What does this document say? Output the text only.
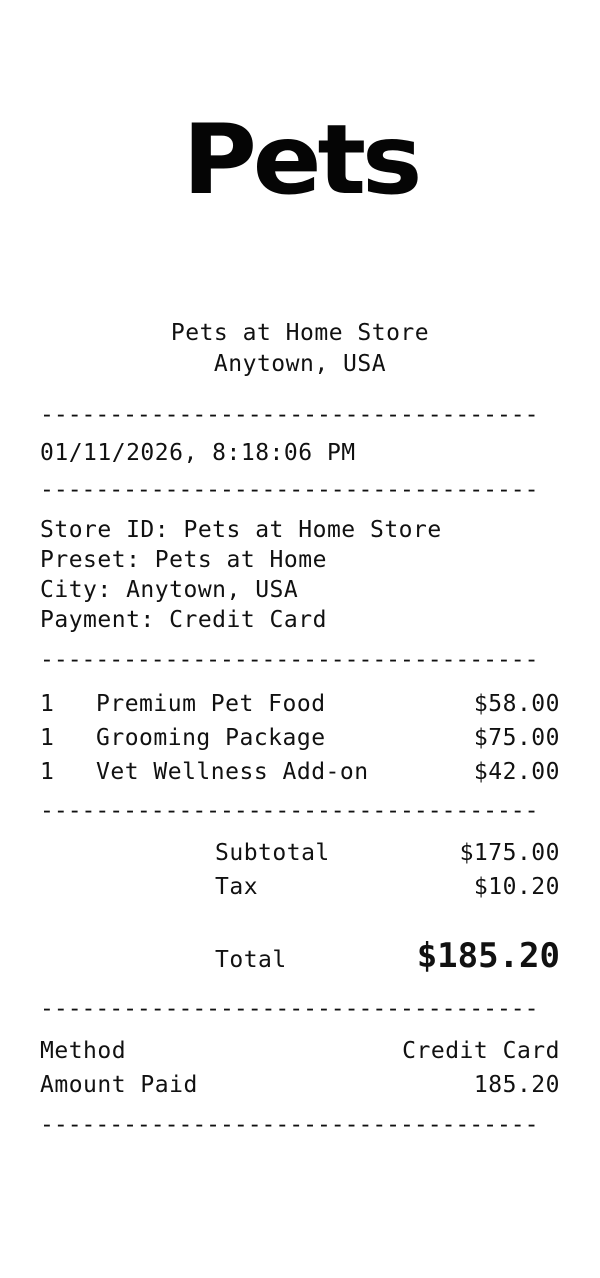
Pets
Pets at Home Store
Anytown, USA
------------------------------------
01/11/2026, 8:18:06 PM
------------------------------------
Store ID: Pets at Home Store
Preset: Pets at Home
City: Anytown, USA
Payment: Credit Card
------------------------------------
1	Premium Pet Food	$58.00
1	Grooming Package	$75.00
1	Vet Wellness Add-on	$42.00
------------------------------------
Subtotal	$175.00
Tax	$10.20
Total	$185.20
------------------------------------
Method	Credit Card
Amount Paid	185.20
------------------------------------
